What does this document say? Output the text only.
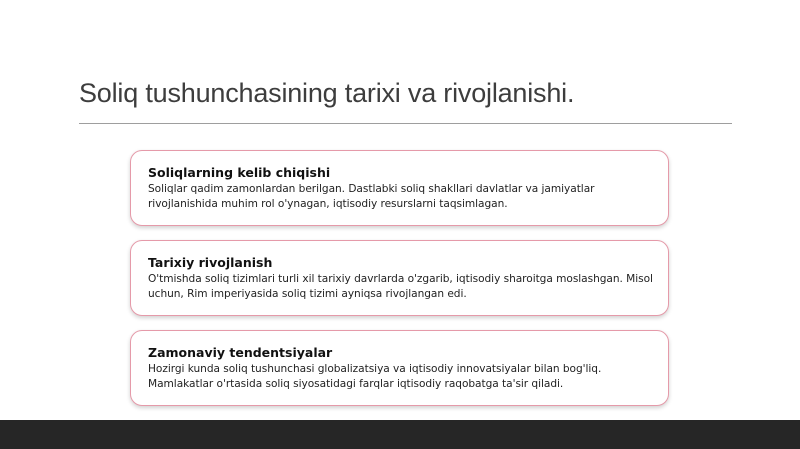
Soliq tushunchasining tarixi va rivojlanishi.
Soliqlarning kelib chiqishi

Soliqlar qadim zamonlardan berilgan. Dastlabki soliq shakllari davlatlar va jamiyatlar rivojlanishida muhim rol o'ynagan, iqtisodiy resurslarni taqsimlagan.

Tarixiy rivojlanish

O'tmishda soliq tizimlari turli xil tarixiy davrlarda o'zgarib, iqtisodiy sharoitga moslashgan. Misol uchun, Rim imperiyasida soliq tizimi ayniqsa rivojlangan edi.

Zamonaviy tendentsiyalar

Hozirgi kunda soliq tushunchasi globalizatsiya va iqtisodiy innovatsiyalar bilan bog'liq. Mamlakatlar o'rtasida soliq siyosatidagi farqlar iqtisodiy raqobatga ta'sir qiladi.
